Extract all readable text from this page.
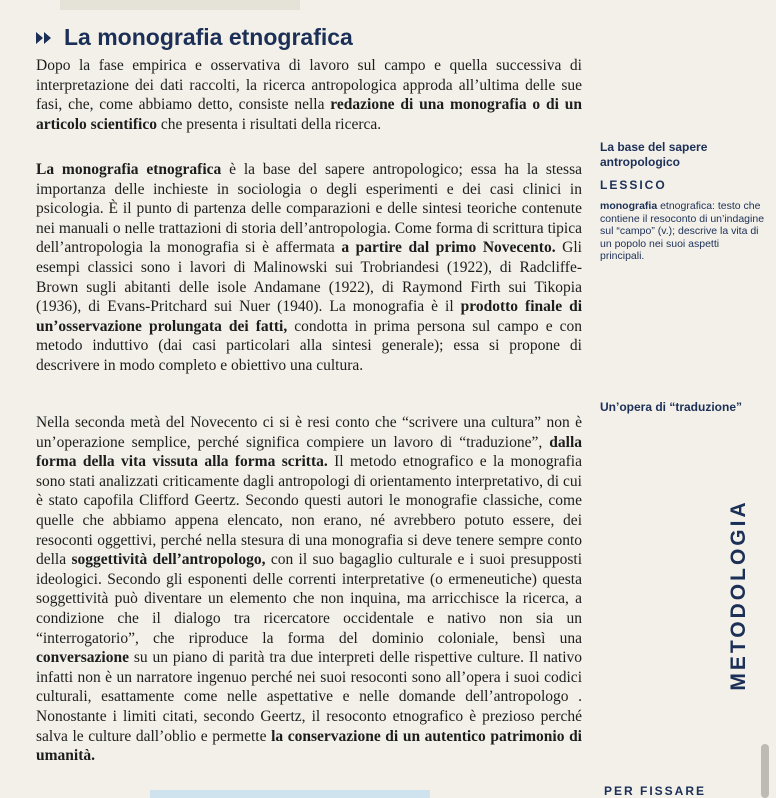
La monografia etnografica

Dopo la fase empirica e osservativa di lavoro sul campo e quella successiva di interpretazione dei dati raccolti, la ricerca antropologica approda all’ultima delle sue fasi, che, come abbiamo detto, consiste nella redazione di una monografia o di un articolo scientifico che presenta i risultati della ricerca.

La monografia etnografica è la base del sapere antropologico; essa ha la stessa importanza delle inchieste in sociologia o degli esperimenti e dei casi clinici in psicologia. È il punto di partenza delle comparazioni e delle sintesi teoriche contenute nei manuali o nelle trattazioni di storia dell’antropologia. Come forma di scrittura tipica dell’antropologia la monografia si è affermata a partire dal primo Novecento. Gli esempi classici sono i lavori di Malinowski sui Trobriandesi (1922), di Radcliffe-Brown sugli abitanti delle isole Andamane (1922), di Raymond Firth sui Tikopia (1936), di Evans-Pritchard sui Nuer (1940). La monografia è il prodotto finale di un’osservazione prolungata dei fatti, condotta in prima persona sul campo e con metodo induttivo (dai casi particolari alla sintesi generale); essa si propone di descrivere in modo completo e obiettivo una cultura.

Nella seconda metà del Novecento ci si è resi conto che “scrivere una cultura” non è un’operazione semplice, perché significa compiere un lavoro di “traduzione”, dalla forma della vita vissuta alla forma scritta. Il metodo etnografico e la monografia sono stati analizzati criticamente dagli antropologi di orientamento interpretativo, di cui è stato capofila Clifford Geertz. Secondo questi autori le monografie classiche, come quelle che abbiamo appena elencato, non erano, né avrebbero potuto essere, dei resoconti oggettivi, perché nella stesura di una monografia si deve tenere sempre conto della soggettività dell’antropologo, con il suo bagaglio culturale e i suoi presupposti ideologici. Secondo gli esponenti delle correnti interpretative (o ermeneutiche) questa soggettività può diventare un elemento che non inquina, ma arricchisce la ricerca, a condizione che il dialogo tra ricercatore occidentale e nativo non sia un “interrogatorio”, che riproduce la forma del dominio coloniale, bensì una conversazione su un piano di parità tra due interpreti delle rispettive culture. Il nativo infatti non è un narratore ingenuo perché nei suoi resoconti sono all’opera i suoi codici culturali, esattamente come nelle aspettative e nelle domande dell’antropologo . Nonostante i limiti citati, secondo Geertz, il resoconto etnografico è prezioso perché salva le culture dall’oblio e permette la conservazione di un autentico patrimonio di umanità.

La base del sapere antropologico
LESSICO
monografia etnografica: testo che contiene il resoconto di un’indagine sul “campo” (v.); descrive la vita di un popolo nei suoi aspetti principali.
Un’opera di “traduzione”
METODOLOGIA
PER FISSARE
